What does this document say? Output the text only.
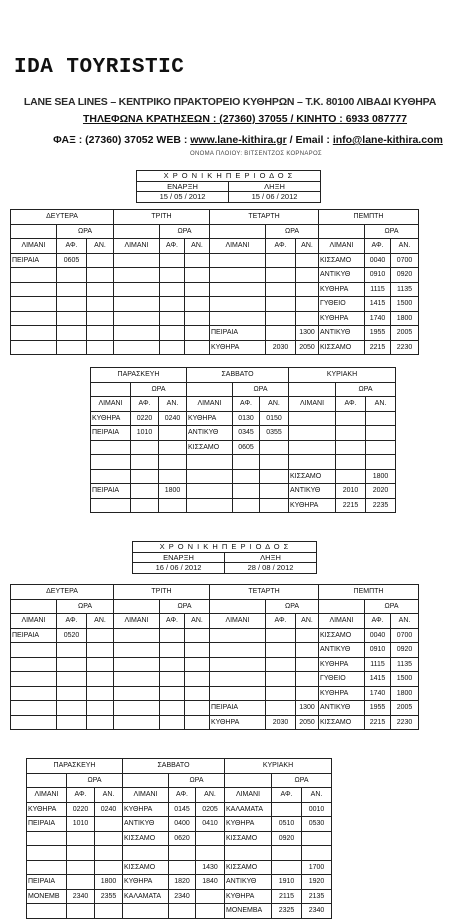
IDA TOYRISTIC
LANE SEA LINES – ΚΕΝΤΡΙΚΟ ΠΡΑΚΤΟΡΕΙΟ ΚΥΘΗΡΩΝ – Τ.Κ. 80100 ΛΙΒΑΔΙ ΚΥΘΗΡΑ
ΤΗΛΕΦΩΝΑ ΚΡΑΤΗΣΕΩΝ : (27360) 37055 / ΚΙΝΗΤΟ : 6933 087777
ΦΑΞ : (27360) 37052 WEB : www.lane-kithira.gr / Email : info@lane-kithira.com
ΟΝΟΜΑ ΠΛΟΙΟΥ: ΒΙΤΣΕΝΤΖΟΣ ΚΟΡΝΑΡΟΣ
Χ Ρ Ο Ν Ι Κ Η Π Ε Ρ Ι Ο Δ Ο Σ	
ΕΝΑΡΞΗ	ΛΗΞΗ
15 / 05 / 2012	15 / 06 / 2012
ΔΕΥΤΕΡΑ			ΤΡΙΤΗ			ΤΕΤΑΡΤΗ			ΠΕΜΠΤΗ		
	ΩΡΑ			ΩΡΑ			ΩΡΑ			ΩΡΑ	
ΛΙΜΑΝΙ	ΑΦ.	ΑΝ.	ΛΙΜΑΝΙ	ΑΦ.	ΑΝ.	ΛΙΜΑΝΙ	ΑΦ.	ΑΝ.	ΛΙΜΑΝΙ	ΑΦ.	ΑΝ.
ΠΕΙΡΑΙΑ	0605								ΚΙΣΣΑΜΟ	0040	0700
									ΑΝΤΙΚΥΘ	0910	0920
									ΚΥΘΗΡΑ	1115	1135
									ΓΥΘΕΙΟ	1415	1500
									ΚΥΘΗΡΑ	1740	1800
						ΠΕΙΡΑΙΑ		1300	ΑΝΤΙΚΥΘ	1955	2005
						ΚΥΘΗΡΑ	2030	2050	ΚΙΣΣΑΜΟ	2215	2230
ΠΑΡΑΣΚΕΥΗ			ΣΑΒΒΑΤΟ			ΚΥΡΙΑΚΗ		
	ΩΡΑ			ΩΡΑ			ΩΡΑ	
ΛΙΜΑΝΙ	ΑΦ.	ΑΝ.	ΛΙΜΑΝΙ	ΑΦ.	ΑΝ.	ΛΙΜΑΝΙ	ΑΦ.	ΑΝ.
ΚΥΘΗΡΑ	0220	0240	ΚΥΘΗΡΑ	0130	0150			
ΠΕΙΡΑΙΑ	1010		ΑΝΤΙΚΥΘ	0345	0355			
			ΚΙΣΣΑΜΟ	0605				

						ΚΙΣΣΑΜΟ		1800
ΠΕΙΡΑΙΑ		1800				ΑΝΤΙΚΥΘ	2010	2020
						ΚΥΘΗΡΑ	2215	2235
Χ Ρ Ο Ν Ι Κ Η Π Ε Ρ Ι Ο Δ Ο Σ	
ΕΝΑΡΞΗ	ΛΗΞΗ
16 / 06 / 2012	28 / 08 / 2012
ΔΕΥΤΕΡΑ			ΤΡΙΤΗ			ΤΕΤΑΡΤΗ			ΠΕΜΠΤΗ		
	ΩΡΑ			ΩΡΑ			ΩΡΑ			ΩΡΑ	
ΛΙΜΑΝΙ	ΑΦ.	ΑΝ.	ΛΙΜΑΝΙ	ΑΦ.	ΑΝ.	ΛΙΜΑΝΙ	ΑΦ.	ΑΝ.	ΛΙΜΑΝΙ	ΑΦ.	ΑΝ.
ΠΕΙΡΑΙΑ	0520								ΚΙΣΣΑΜΟ	0040	0700
									ΑΝΤΙΚΥΘ	0910	0920
									ΚΥΘΗΡΑ	1115	1135
									ΓΥΘΕΙΟ	1415	1500
									ΚΥΘΗΡΑ	1740	1800
						ΠΕΙΡΑΙΑ		1300	ΑΝΤΙΚΥΘ	1955	2005
						ΚΥΘΗΡΑ	2030	2050	ΚΙΣΣΑΜΟ	2215	2230
ΠΑΡΑΣΚΕΥΗ			ΣΑΒΒΑΤΟ			ΚΥΡΙΑΚΗ		
	ΩΡΑ			ΩΡΑ			ΩΡΑ	
ΛΙΜΑΝΙ	ΑΦ.	ΑΝ.	ΛΙΜΑΝΙ	ΑΦ.	ΑΝ.	ΛΙΜΑΝΙ	ΑΦ.	ΑΝ.
ΚΥΘΗΡΑ	0220	0240	ΚΥΘΗΡΑ	0145	0205	ΚΑΛΑΜΑΤΑ		0010
ΠΕΙΡΑΙΑ	1010		ΑΝΤΙΚΥΘ	0400	0410	ΚΥΘΗΡΑ	0510	0530
			ΚΙΣΣΑΜΟ	0620		ΚΙΣΣΑΜΟ	0920	

			ΚΙΣΣΑΜΟ		1430	ΚΙΣΣΑΜΟ		1700
ΠΕΙΡΑΙΑ		1800	ΚΥΘΗΡΑ	1820	1840	ΑΝΤΙΚΥΘ	1910	1920
ΜΟΝΕΜΒ	2340	2355	ΚΑΛΑΜΑΤΑ	2340		ΚΥΘΗΡΑ	2115	2135
						ΜΟΝΕΜΒΑ	2325	2340
